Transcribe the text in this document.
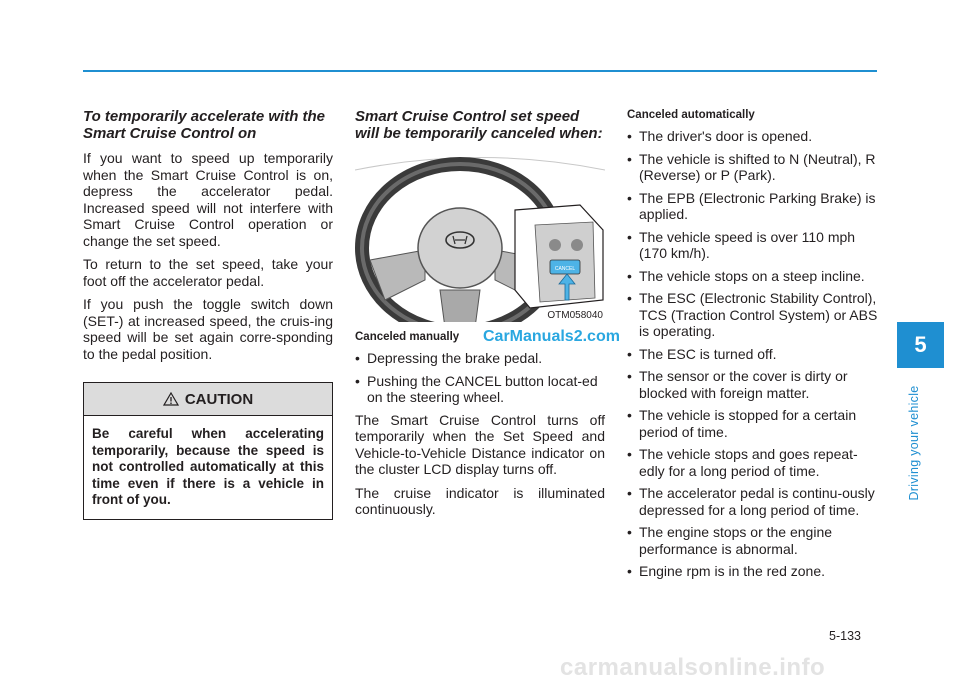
To temporarily accelerate with the Smart Cruise Control on

If you want to speed up temporarily when the Smart Cruise Control is on, depress the accelerator pedal. Increased speed will not interfere with Smart Cruise Control operation or change the set speed.

To return to the set speed, take your foot off the accelerator pedal.

If you push the toggle switch down (SET-) at increased speed, the cruis-ing speed will be set again corre-sponding to the pedal position.

CAUTION
Be careful when accelerating temporarily, because the speed is not controlled automatically at this time even if there is a vehicle in front of you.

Smart Cruise Control set speed will be temporarily canceled when:

CANCEL
OTM058040
CarManuals2.com

Canceled manually

• Depressing the brake pedal.
• Pushing the CANCEL button locat-ed on the steering wheel.

The Smart Cruise Control turns off temporarily when the Set Speed and Vehicle-to-Vehicle Distance indicator on the cluster LCD display turns off.

The cruise indicator is illuminated continuously.

Canceled automatically

• The driver's door is opened.
• The vehicle is shifted to N (Neutral), R (Reverse) or P (Park).
• The EPB (Electronic Parking Brake) is applied.
• The vehicle speed is over 110 mph (170 km/h).
• The vehicle stops on a steep incline.
• The ESC (Electronic Stability Control), TCS (Traction Control System) or ABS is operating.
• The ESC is turned off.
• The sensor or the cover is dirty or blocked with foreign matter.
• The vehicle is stopped for a certain period of time.
• The vehicle stops and goes repeat-edly for a long period of time.
• The accelerator pedal is continu-ously depressed for a long period of time.
• The engine stops or the engine performance is abnormal.
• Engine rpm is in the red zone.
5
Driving your vehicle
5-133
carmanualsonline.info
